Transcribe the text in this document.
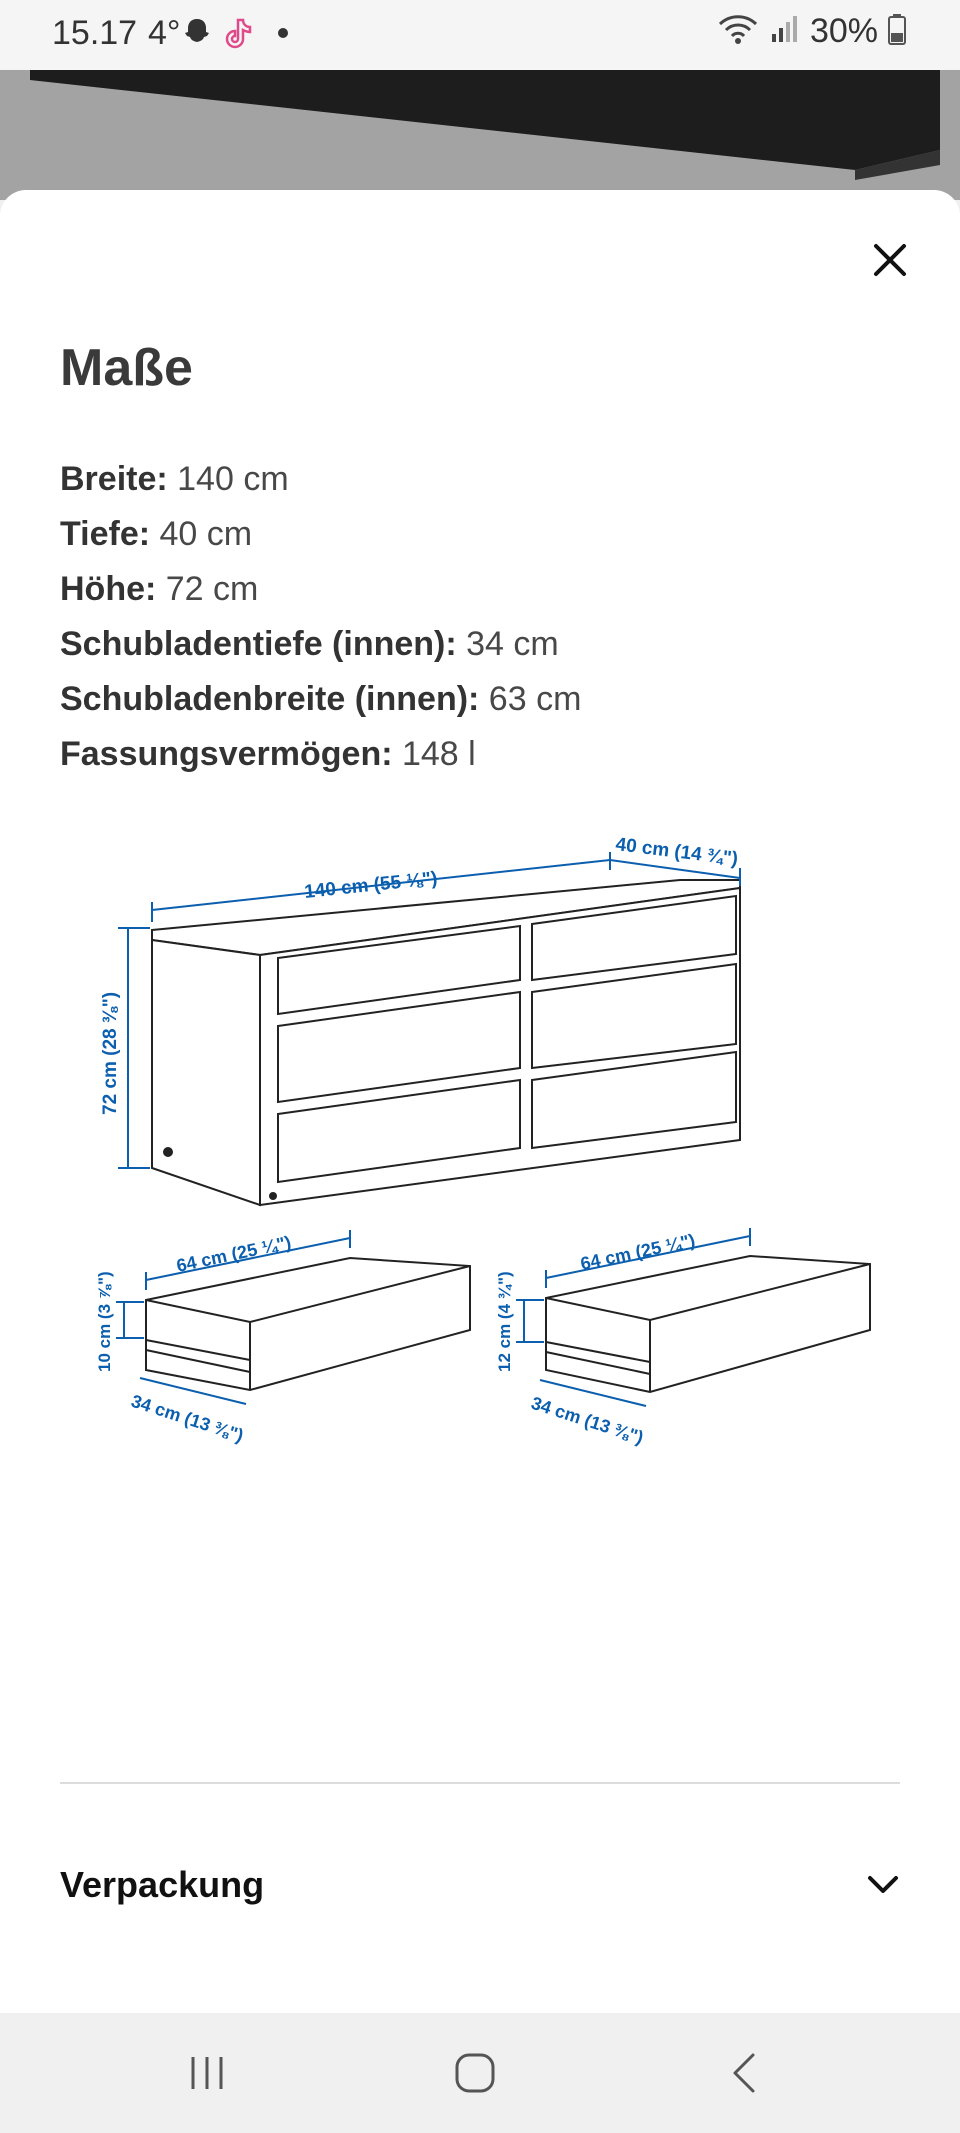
15.17 4°	30%
Maße
Breite: 140 cm
Tiefe: 40 cm
Höhe: 72 cm
Schubladentiefe (innen): 34 cm
Schubladenbreite (innen): 63 cm
Fassungsvermögen: 148 l
140 cm (55 ⅛")
40 cm (14 ¾")
72 cm (28 ⅜")
64 cm (25 ¼")
10 cm (3 ⅞")
34 cm (13 ⅜")
64 cm (25 ¼")
12 cm (4 ¾")
34 cm (13 ⅜")
Verpackung
